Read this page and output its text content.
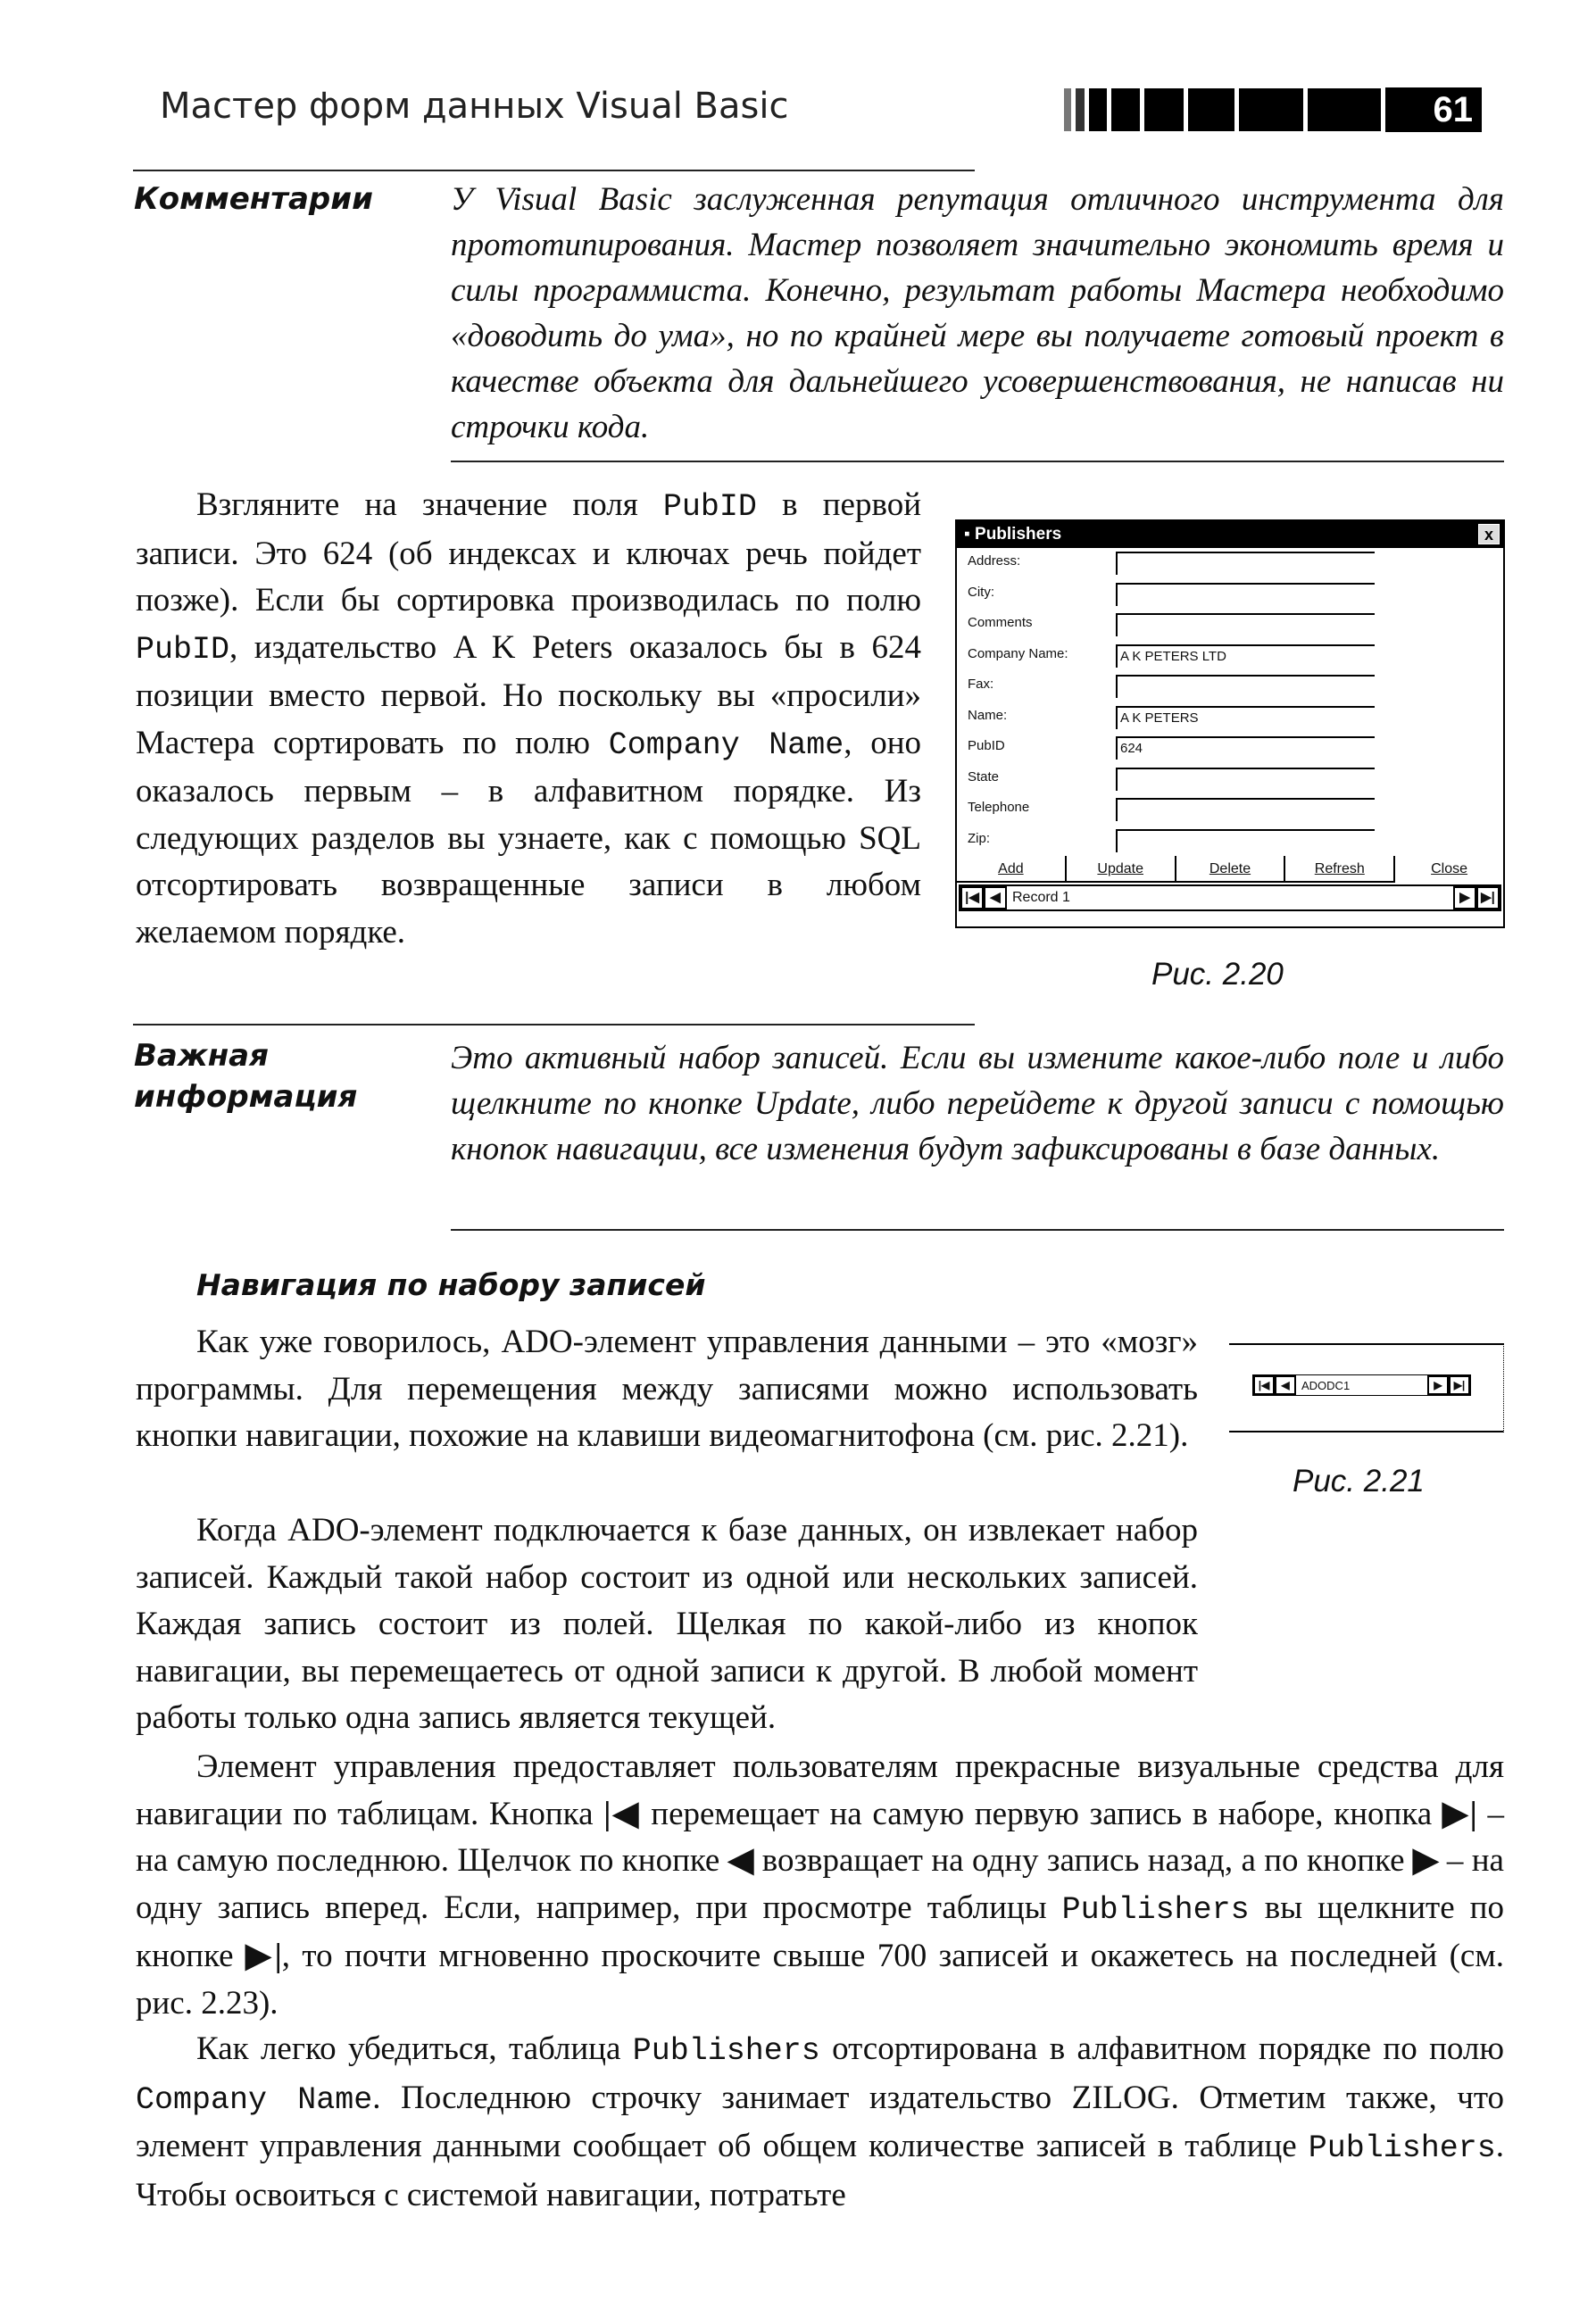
Мастер форм данных Visual Basic	61
Комментарии У Visual Basic заслуженная репутация отличного инструмента для прототипирования. Мастер позволяет значительно экономить время и силы программиста. Конечно, результат работы Мастера необходимо «доводить до ума», но по крайней мере вы получаете готовый проект в качестве объекта для дальнейшего усовершенствования, не написав ни строчки кода.

Взгляните на значение поля PubID в первой записи. Это 624 (об индексах и ключах речь пойдет позже). Если бы сортировка производилась по полю PubID, издательство A K Peters оказалось бы в 624 позиции вместо первой. Но поскольку вы «просили» Мастера сортировать по полю Company Name, оно оказалось первым – в алфавитном порядке. Из следующих разделов вы узнаете, как с помощью SQL отсортировать возвращенные записи в любом желаемом порядке.

▪ Publishers	x
Address:
City:
Comments
Company Name:	A K PETERS LTD
Fax:
Name:	A K PETERS
PubID	624
State
Telephone
Zip:
Add	Update	Delete	Refresh	Close
|◀ ◀ Record 1	▶ ▶|
Рис. 2.20
Важная
информация
Это активный набор записей. Если вы измените какое-либо поле и либо щелкните по кнопке Update, либо перейдете к другой записи с помощью кнопок навигации, все изменения будут зафиксированы в базе данных.
Навигация по набору записей

Как уже говорилось, ADO-элемент управления данными – это «мозг» программы. Для перемещения между записями можно использовать кнопки навигации, похожие на клавиши видеомагнитофона (см. рис. 2.21).

|◀	◀	ADODC1	▶	▶|
Рис. 2.21

Когда ADO-элемент подключается к базе данных, он извлекает набор записей. Каждый такой набор состоит из одной или нескольких записей. Каждая запись состоит из полей. Щелкая по какой-либо из кнопок навигации, вы перемещаетесь от одной записи к другой. В любой момент работы только одна запись является текущей.

Элемент управления предоставляет пользователям прекрасные визуальные средства для навигации по таблицам. Кнопка |◀ перемещает на самую первую запись в наборе, кнопка ▶| – на самую последнюю. Щелчок по кнопке ◀ возвращает на одну запись назад, а по кнопке ▶ – на одну запись вперед. Если, например, при просмотре таблицы Publishers вы щелкните по кнопке ▶|, то почти мгновенно проскочите свыше 700 записей и окажетесь на последней (см. рис. 2.23).

Как легко убедиться, таблица Publishers отсортирована в алфавитном порядке по полю Company Name. Последнюю строчку занимает издательство ZILOG. Отметим также, что элемент управления данными сообщает об общем количестве записей в таблице Publishers. Чтобы освоиться с системой навигации, потратьте
